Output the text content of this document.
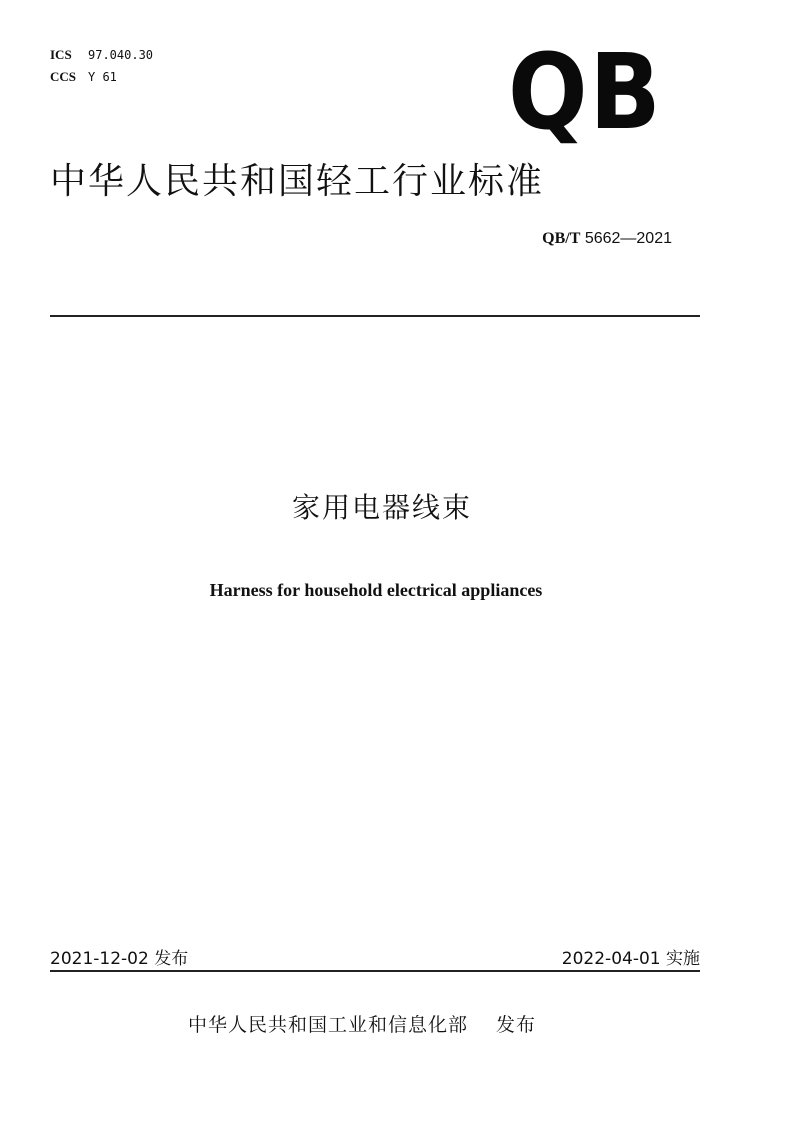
ICS 97.040.30
CCS Y 61	QB
中华人民共和国轻工行业标准
QB/T 5662—2021
家用电器线束
Harness for household electrical appliances
2021-12-02 发布	2022-04-01 实施
中华人民共和国工业和信息化部 发布
